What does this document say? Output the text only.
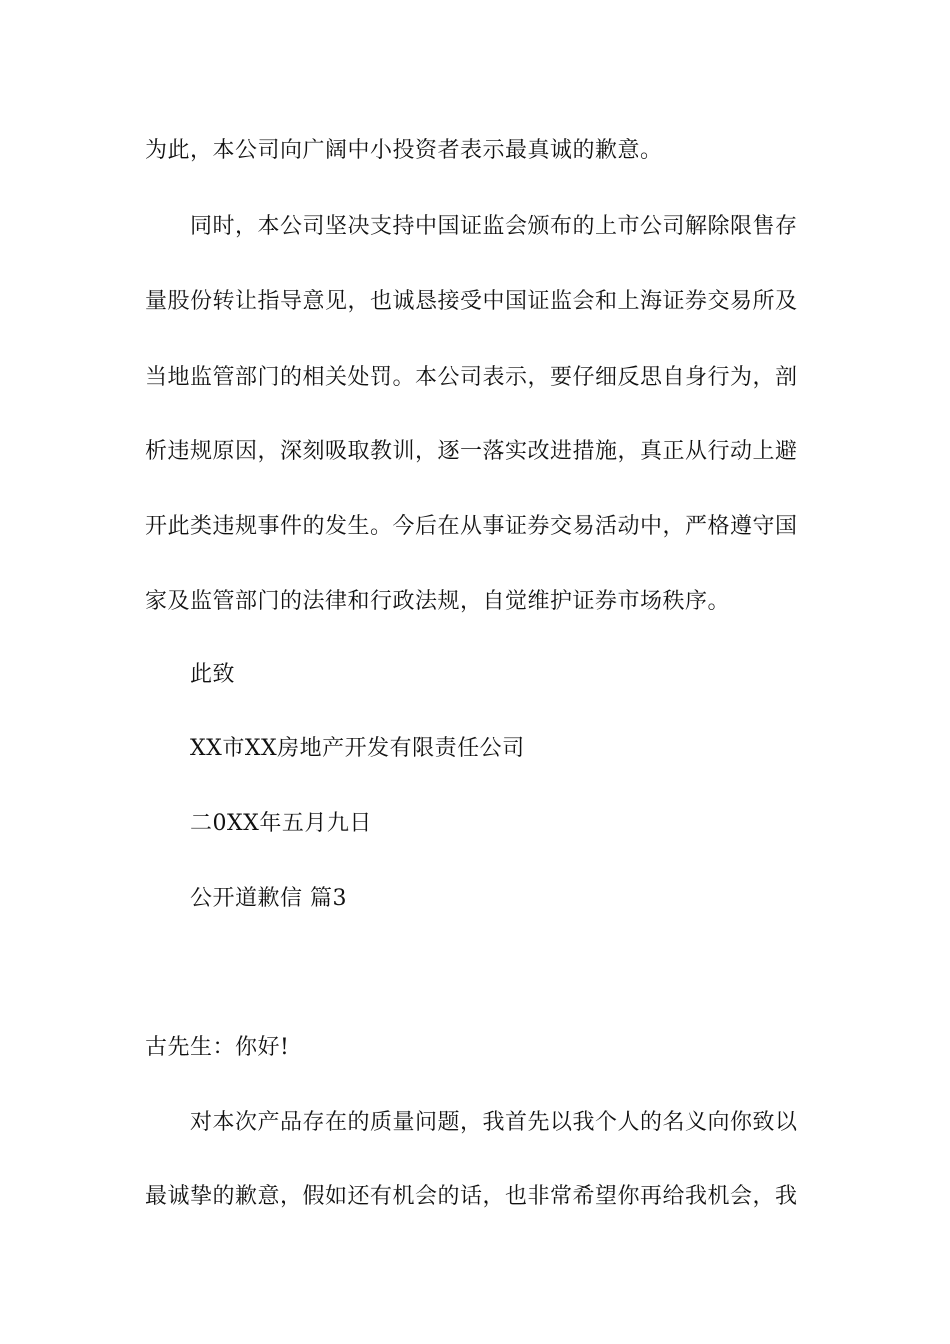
为此，本公司向广阔中小投资者表示最真诚的歉意。
同时，本公司坚决支持中国证监会颁布的上市公司解除限售存
量股份转让指导意见，也诚恳接受中国证监会和上海证券交易所及
当地监管部门的相关处罚。本公司表示，要仔细反思自身行为，剖
析违规原因，深刻吸取教训，逐一落实改进措施，真正从行动上避
开此类违规事件的发生。今后在从事证券交易活动中，严格遵守国
家及监管部门的法律和行政法规，自觉维护证券市场秩序。
此致
XX市XX房地产开发有限责任公司
二0XX年五月九日
公开道歉信 篇3
古先生：你好!
对本次产品存在的质量问题，我首先以我个人的名义向你致以
最诚挚的歉意，假如还有机会的话，也非常希望你再给我机会，我
